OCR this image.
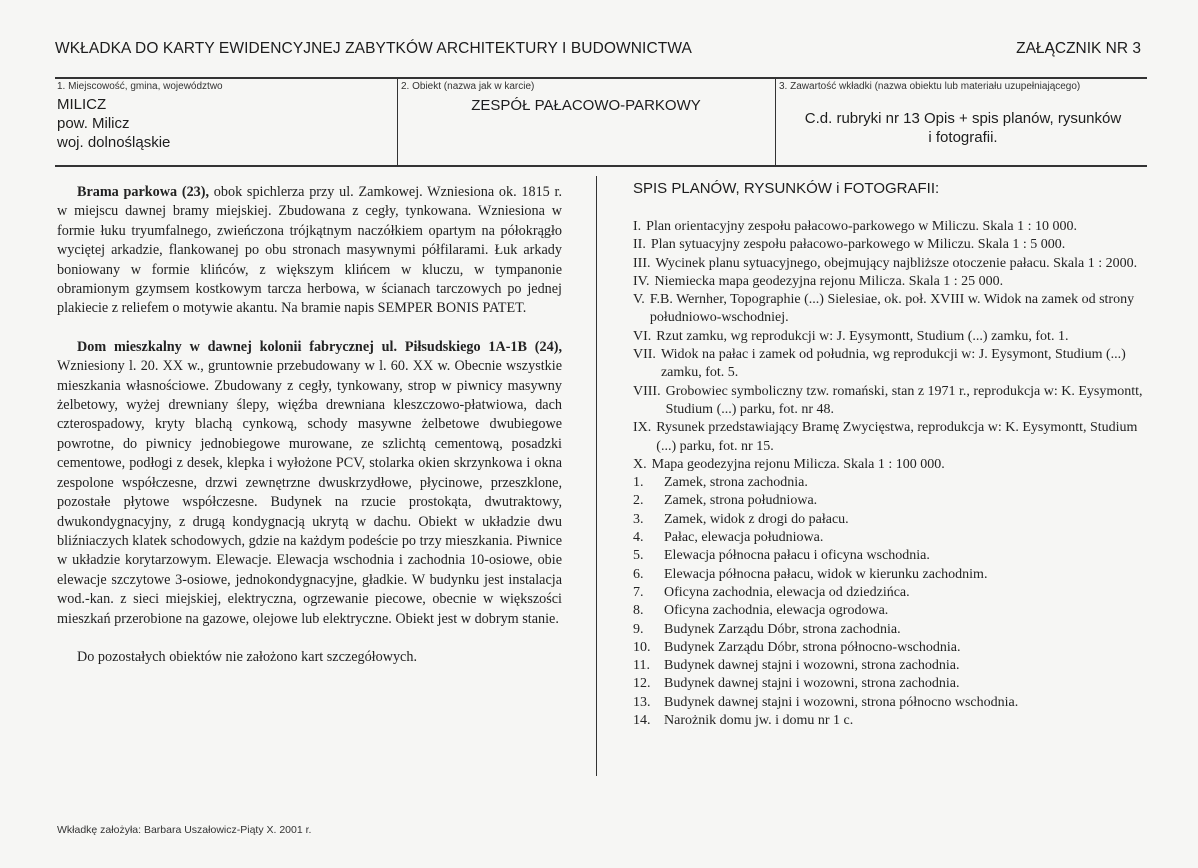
WKŁADKA DO KARTY EWIDENCYJNEJ ZABYTKÓW ARCHITEKTURY I BUDOWNICTWA	ZAŁĄCZNIK NR 3
1. Miejscowość, gmina, województwo
MILICZ
pow. Milicz
woj. dolnośląskie
2. Obiekt (nazwa jak w karcie)
ZESPÓŁ PAŁACOWO-PARKOWY
3. Zawartość wkładki (nazwa obiektu lub materiału uzupełniającego)
C.d. rubryki nr 13 Opis + spis planów, rysunków
i fotografii.

Brama parkowa (23), obok spichlerza przy ul. Zamkowej. Wzniesiona ok. 1815 r. w miejscu dawnej bramy miejskiej. Zbudowana z cegły, tynkowana. Wzniesiona w formie łuku tryumfalnego, zwieńczona trójkątnym naczółkiem opartym na półokrągło wyciętej arkadzie, flankowanej po obu stronach masywnymi półfilarami. Łuk arkady boniowany w formie klińców, z większym klińcem w kluczu, w tympanonie obramionym gzymsem kostkowym tarcza herbowa, w ścianach tarczowych po jednej plakiecie z reliefem o motywie akantu. Na bramie napis SEMPER BONIS PATET.

Dom mieszkalny w dawnej kolonii fabrycznej ul. Piłsudskiego 1A-1B (24), Wzniesiony l. 20. XX w., gruntownie przebudowany w l. 60. XX w. Obecnie wszystkie mieszkania własnościowe. Zbudowany z cegły, tynkowany, strop w piwnicy masywny żelbetowy, wyżej drewniany ślepy, więźba drewniana kleszczowo-płatwiowa, dach czterospadowy, kryty blachą cynkową, schody masywne żelbetowe dwubiegowe powrotne, do piwnicy jednobiegowe murowane, ze szlichtą cementową, posadzki cementowe, podłogi z desek, klepka i wyłożone PCV, stolarka okien skrzynkowa i okna zespolone współczesne, drzwi zewnętrzne dwuskrzydłowe, płycinowe, przeszklone, pozostałe płytowe współczesne. Budynek na rzucie prostokąta, dwutraktowy, dwukondygnacyjny, z drugą kondygnacją ukrytą w dachu. Obiekt w układzie dwu bliźniaczych klatek schodowych, gdzie na każdym podeście po trzy mieszkania. Piwnice w układzie korytarzowym. Elewacje. Elewacja wschodnia i zachodnia 10-osiowe, obie elewacje szczytowe 3-osiowe, jednokondygnacyjne, gładkie. W budynku jest instalacja wod.-kan. z sieci miejskiej, elektryczna, ogrzewanie piecowe, obecnie w większości mieszkań przerobione na gazowe, olejowe lub elektryczne. Obiekt jest w dobrym stanie.

Do pozostałych obiektów nie założono kart szczegółowych.

SPIS PLANÓW, RYSUNKÓW i FOTOGRAFII:
I. Plan orientacyjny zespołu pałacowo-parkowego w Miliczu. Skala 1 : 10 000.
II. Plan sytuacyjny zespołu pałacowo-parkowego w Miliczu. Skala 1 : 5 000.
III. Wycinek planu sytuacyjnego, obejmujący najbliższe otoczenie pałacu. Skala 1 : 2000.
IV. Niemiecka mapa geodezyjna rejonu Milicza. Skala 1 : 25 000.
V. F.B. Wernher, Topographie (...) Sielesiae, ok. poł. XVIII w. Widok na zamek od strony południowo-wschodniej.
VI. Rzut zamku, wg reprodukcji w: J. Eysymontt, Studium (...) zamku, fot. 1.
VII. Widok na pałac i zamek od południa, wg reprodukcji w: J. Eysymont, Studium (...) zamku, fot. 5.
VIII. Grobowiec symboliczny tzw. romański, stan z 1971 r., reprodukcja w: K. Eysymontt, Studium (...) parku, fot. nr 48.
IX. Rysunek przedstawiający Bramę Zwycięstwa, reprodukcja w: K. Eysymontt, Studium (...) parku, fot. nr 15.
X. Mapa geodezyjna rejonu Milicza. Skala 1 : 100 000.
1.	Zamek, strona zachodnia.
2.	Zamek, strona południowa.
3.	Zamek, widok z drogi do pałacu.
4.	Pałac, elewacja południowa.
5.	Elewacja północna pałacu i oficyna wschodnia.
6.	Elewacja północna pałacu, widok w kierunku zachodnim.
7.	Oficyna zachodnia, elewacja od dziedzińca.
8.	Oficyna zachodnia, elewacja ogrodowa.
9.	Budynek Zarządu Dóbr, strona zachodnia.
10. Budynek Zarządu Dóbr, strona północno-wschodnia.
11.	Budynek dawnej stajni i wozowni, strona zachodnia.
12. Budynek dawnej stajni i wozowni, strona zachodnia.
13. Budynek dawnej stajni i wozowni, strona północno wschodnia.
14. Narożnik domu jw. i domu nr 1 c.
Wkładkę założyła: Barbara Uszałowicz-Piąty X. 2001 r.
